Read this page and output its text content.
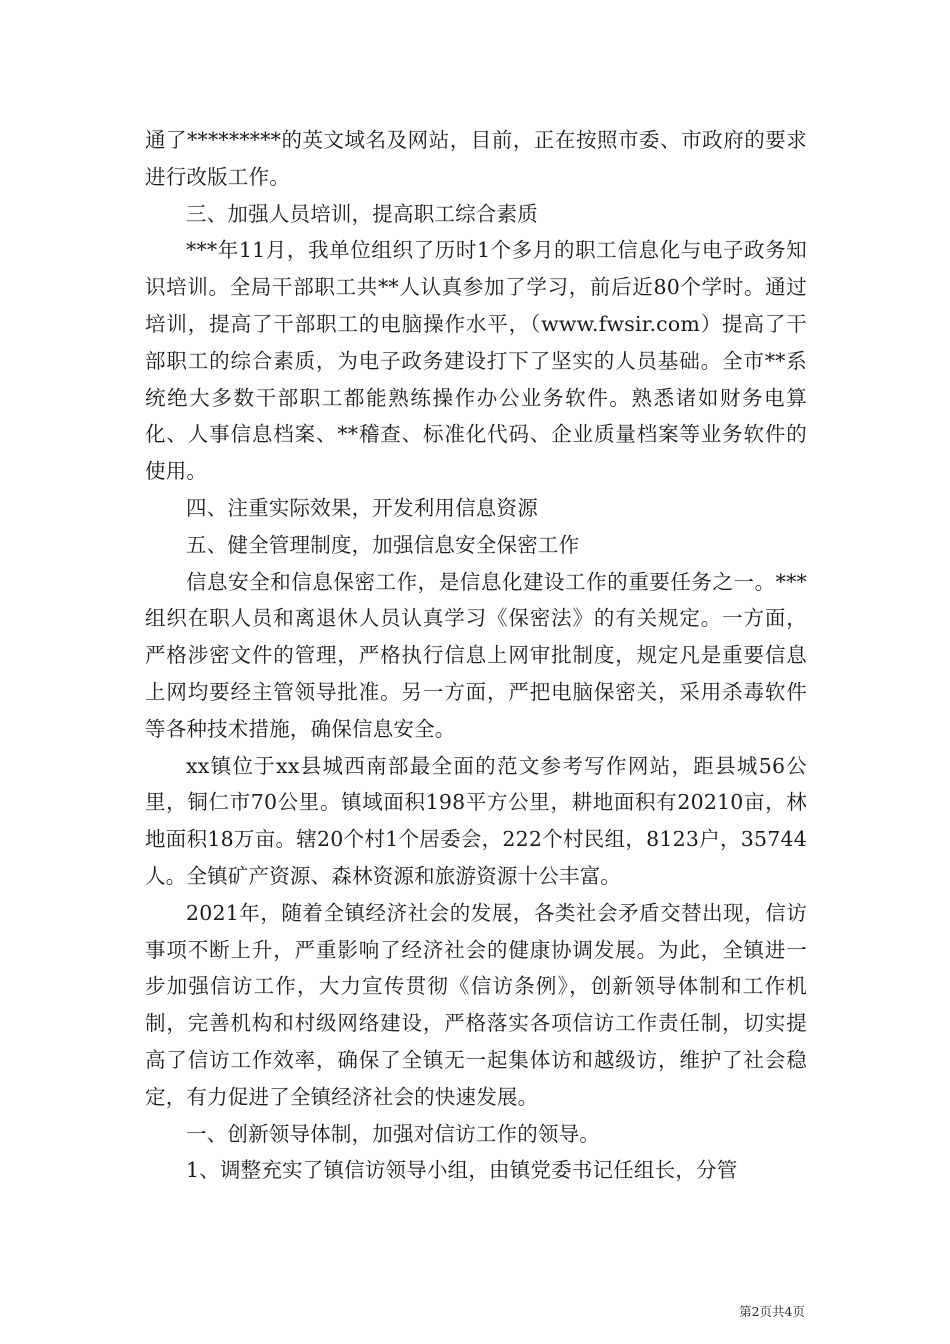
通了*********的英文域名及网站，目前，正在按照市委、市政府的要求进行改版工作。

三、加强人员培训，提高职工综合素质

***年11月，我单位组织了历时1个多月的职工信息化与电子政务知识培训。全局干部职工共**人认真参加了学习，前后近80个学时。通过培训，提高了干部职工的电脑操作水平，（www.fwsir.com）提高了干部职工的综合素质，为电子政务建设打下了坚实的人员基础。全市**系统绝大多数干部职工都能熟练操作办公业务软件。熟悉诸如财务电算化、人事信息档案、**稽查、标准化代码、企业质量档案等业务软件的使用。

四、注重实际效果，开发利用信息资源

五、健全管理制度，加强信息安全保密工作

信息安全和信息保密工作，是信息化建设工作的重要任务之一。***组织在职人员和离退休人员认真学习《保密法》的有关规定。一方面，严格涉密文件的管理，严格执行信息上网审批制度，规定凡是重要信息上网均要经主管领导批准。另一方面，严把电脑保密关，采用杀毒软件等各种技术措施，确保信息安全。

xx镇位于xx县城西南部最全面的范文参考写作网站，距县城56公里，铜仁市70公里。镇域面积198平方公里，耕地面积有20210亩，林地面积18万亩。辖20个村1个居委会，222个村民组，8123户，35744人。全镇矿产资源、森林资源和旅游资源十公丰富。

2021年，随着全镇经济社会的发展，各类社会矛盾交替出现，信访事项不断上升，严重影响了经济社会的健康协调发展。为此，全镇进一步加强信访工作，大力宣传贯彻《信访条例》，创新领导体制和工作机制，完善机构和村级网络建设，严格落实各项信访工作责任制，切实提高了信访工作效率，确保了全镇无一起集体访和越级访，维护了社会稳定，有力促进了全镇经济社会的快速发展。

一、创新领导体制，加强对信访工作的领导。

1、调整充实了镇信访领导小组，由镇党委书记任组长，分管

第2页共4页
